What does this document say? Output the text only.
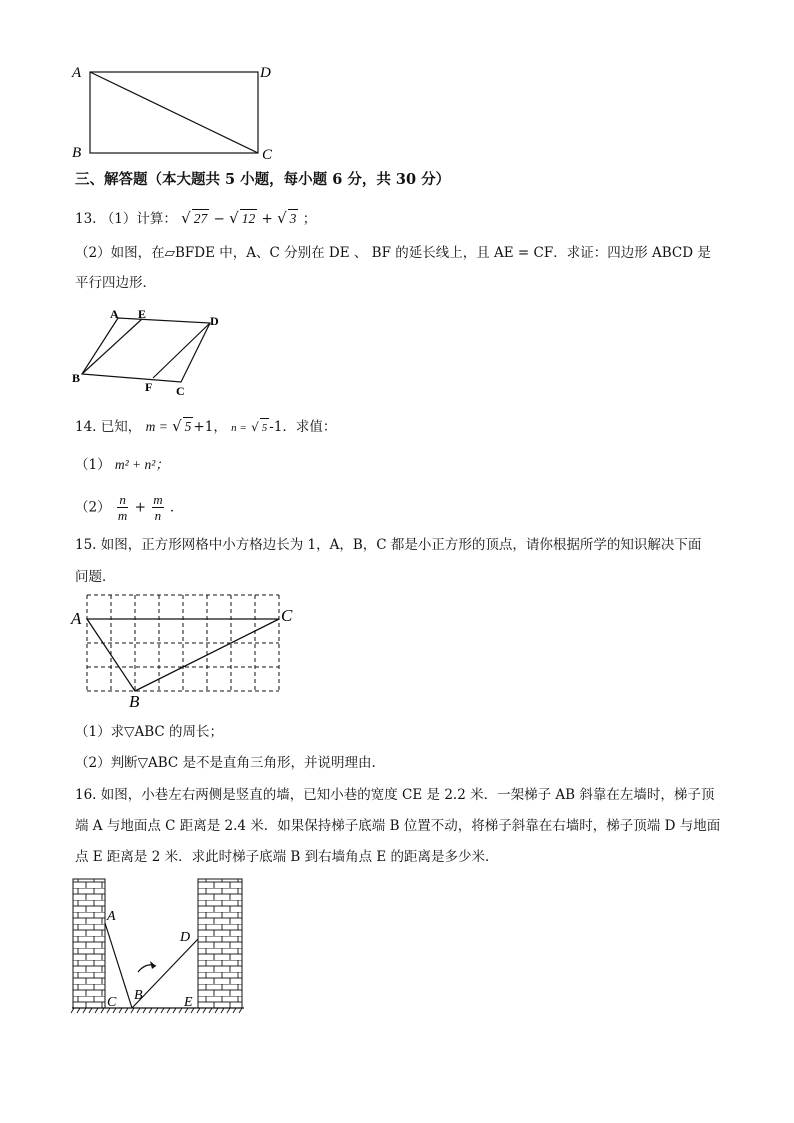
A	D
B	C
三、解答题（本大题共 5 小题，每小题 6 分，共 30 分）
13. （1）计算： √ 27 − √ 12 + √ 3 ；
（2）如图，在▱BFDE 中，A、C 分别在 DE 、 BF 的延长线上，且 AE = CF．求证：四边形 ABCD 是
平行四边形．
A E	D
B
F C
14. 已知， m = √ 5 +1， n = √ 5 -1．求值：
（1） m² + n²；
$(2) \frac{n}{m} + \frac{m}{n}$ ．
15. 如图，正方形网格中小方格边长为 1，A，B，C 都是小正方形的顶点，请你根据所学的知识解决下面
问题．
A	C
B
（1）求▽ABC 的周长；
（2）判断▽ABC 是不是直角三角形，并说明理由.
16. 如图，小巷左右两侧是竖直的墙，已知小巷的宽度 CE 是 2.2 米．一架梯子 AB 斜靠在左墙时，梯子顶
端 A 与地面点 C 距离是 2.4 米．如果保持梯子底端 B 位置不动，将梯子斜靠在右墙时，梯子顶端 D 与地面
点 E 距离是 2 米．求此时梯子底端 B 到右墙角点 E 的距离是多少米．
A
D
C B	E
